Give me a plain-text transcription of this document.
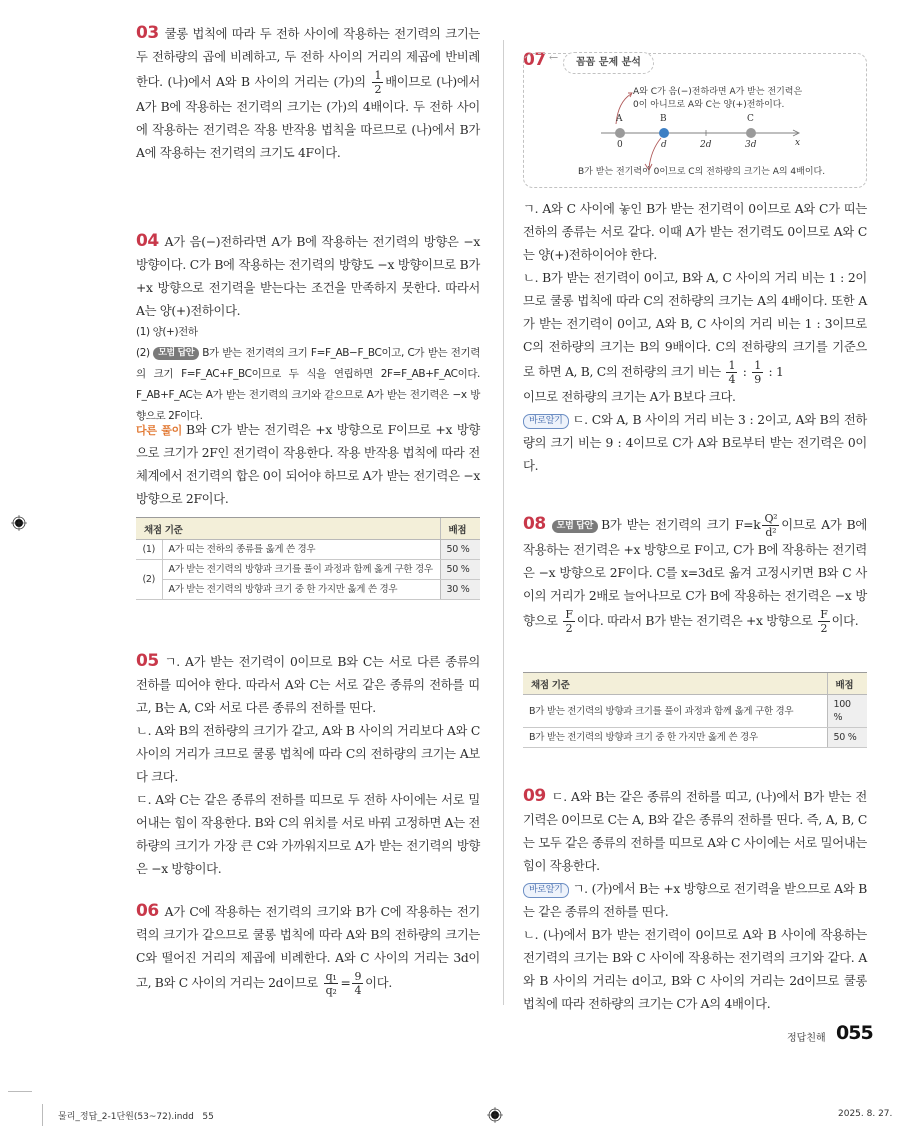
03 쿨롱 법칙에 따라 두 전하 사이에 작용하는 전기력의 크기는 두 전하량의 곱에 비례하고, 두 전하 사이의 거리의 제곱에 반비례한다. (나)에서 A와 B 사이의 거리는 (가)의 $\frac{1}{2}$ 배이므로 (나)에서 A가 B에 작용하는 전기력의 크기는 (가)의 4배이다. 두 전하 사이에 작용하는 전기력은 작용 반작용 법칙을 따르므로 (나)에서 B가 A에 작용하는 전기력의 크기도 4F이다.
04 A가 음(−)전하라면 A가 B에 작용하는 전기력의 방향은 −x 방향이다. C가 B에 작용하는 전기력의 방향도 −x 방향이므로 B가 +x 방향으로 전기력을 받는다는 조건을 만족하지 못한다. 따라서 A는 양(+)전하이다.
(1) 양(+)전하
(2) 모범 답안 B가 받는 전기력의 크기 F=F_AB−F_BC이고, C가 받는 전기력의 크기 F=F_AC+F_BC이므로 두 식을 연립하면 2F=F_AB+F_AC이다. F_AB+F_AC는 A가 받는 전기력의 크기와 같으므로 A가 받는 전기력은 −x 방향으로 2F이다.
다른 풀이 B와 C가 받는 전기력은 +x 방향으로 F이므로 +x 방향으로 크기가 2F인 전기력이 작용한다. 작용 반작용 법칙에 따라 전체계에서 전기력의 합은 0이 되어야 하므로 A가 받는 전기력은 −x 방향으로 2F이다.
채점 기준		배점
(1)	A가 띠는 전하의 종류를 옳게 쓴 경우	50 %
(2)	A가 받는 전기력의 방향과 크기를 풀이 과정과 함께 옳게 구한 경우	50 %
	A가 받는 전기력의 방향과 크기 중 한 가지만 옳게 쓴 경우	30 %
05 ㄱ. A가 받는 전기력이 0이므로 B와 C는 서로 다른 종류의 전하를 띠어야 한다. 따라서 A와 C는 서로 같은 종류의 전하를 띠고, B는 A, C와 서로 다른 종류의 전하를 띤다.
ㄴ. A와 B의 전하량의 크기가 같고, A와 B 사이의 거리보다 A와 C 사이의 거리가 크므로 쿨롱 법칙에 따라 C의 전하량의 크기는 A보다 크다.
ㄷ. A와 C는 같은 종류의 전하를 띠므로 두 전하 사이에는 서로 밀어내는 힘이 작용한다. B와 C의 위치를 서로 바꿔 고정하면 A는 전하량의 크기가 가장 큰 C와 가까워지므로 A가 받는 전기력의 방향은 −x 방향이다.
06 A가 C에 작용하는 전기력의 크기와 B가 C에 작용하는 전기력의 크기가 같으므로 쿨롱 법칙에 따라 A와 B의 전하량의 크기는 C와 떨어진 거리의 제곱에 비례한다. A와 C 사이의 거리는 3d이고, B와 C 사이의 거리는 2d이므로 $\frac{\text{q₁}}{\text{q₂}} = \frac{9}{4}$ 이다.
07 ←	꼼꼼 문제 분석
A와 C가 음(−)전하라면 A가 받는 전기력은
0이 아니므로 A와 C는 양(+)전하이다.
A	B	C
0	d	2d	3d	x
B가 받는 전기력이 0이므로 C의 전하량의 크기는 A의 4배이다.
ㄱ. A와 C 사이에 놓인 B가 받는 전기력이 0이므로 A와 C가 띠는 전하의 종류는 서로 같다. 이때 A가 받는 전기력도 0이므로 A와 C는 양(+)전하이어야 한다.
ㄴ. B가 받는 전기력이 0이고, B와 A, C 사이의 거리 비는 1 : 2이므로 쿨롱 법칙에 따라 C의 전하량의 크기는 A의 4배이다. 또한 A가 받는 전기력이 0이고, A와 B, C 사이의 거리 비는 1 : 3이므로 C의 전하량의 크기는 B의 9배이다. C의 전하량의 크기를 기준으로 하면 A, B, C의 전하량의 크기 비는 $\frac{1}{4}$ : $\frac{1}{9}$ : 1
이므로 전하량의 크기는 A가 B보다 크다.
바로알기 ㄷ. C와 A, B 사이의 거리 비는 3 : 2이고, A와 B의 전하량의 크기 비는 9 : 4이므로 C가 A와 B로부터 받는 전기력은 0이다.
08 모범 답안 B가 받는 전기력의 크기 $F=k \frac{\text{Q²}}{\text{d²}}$ 이므로 A가 B에 작용하는 전기력은 +x 방향으로 F이고, C가 B에 작용하는 전기력은 −x 방향으로 2F이다. C를 x=3d로 옮겨 고정시키면 B와 C 사이의 거리가 2배로 늘어나므로 C가 B에 작용하는 전기력은 −x 방향으로 $\frac{F}{2}$ 이다. 따라서 B가 받는 전기력은 +x 방향으로 $\frac{F}{2}$ 이다.
채점 기준	배점
B가 받는 전기력의 방향과 크기를 풀이 과정과 함께 옳게 구한 경우	100 %
B가 받는 전기력의 방향과 크기 중 한 가지만 옳게 쓴 경우	50 %
09 ㄷ. A와 B는 같은 종류의 전하를 띠고, (나)에서 B가 받는 전기력은 0이므로 C는 A, B와 같은 종류의 전하를 띤다. 즉, A, B, C는 모두 같은 종류의 전하를 띠므로 A와 C 사이에는 서로 밀어내는 힘이 작용한다.
바로알기 ㄱ. (가)에서 B는 +x 방향으로 전기력을 받으므로 A와 B는 같은 종류의 전하를 띤다.
ㄴ. (나)에서 B가 받는 전기력이 0이므로 A와 B 사이에 작용하는 전기력의 크기는 B와 C 사이에 작용하는 전기력의 크기와 같다. A와 B 사이의 거리는 d이고, B와 C 사이의 거리는 2d이므로 쿨롱 법칙에 따라 전하량의 크기는 C가 A의 4배이다.
정답친해 055
물리_정답_2-1단원(53~72).indd   55	2025. 8. 27.
